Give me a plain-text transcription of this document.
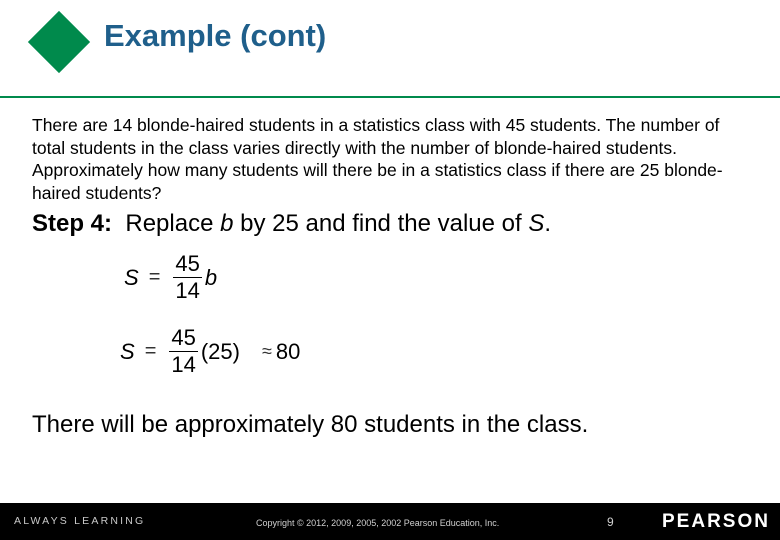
Example (cont)

There are 14 blonde-haired students in a statistics class with 45 students. The number of total students in the class varies directly with the number of blonde-haired students. Approximately how many students will there be in a statistics class if there are 25 blonde-haired students?

Step 4: Replace b by 25 and find the value of S.

$S = \frac{45}{14}$ b
$S = \frac{45}{14} (25) \approx 80$

There will be approximately 80 students in the class.

ALWAYS LEARNING	Copyright © 2012, 2009, 2005, 2002 Pearson Education, Inc.	9	PEARSON
